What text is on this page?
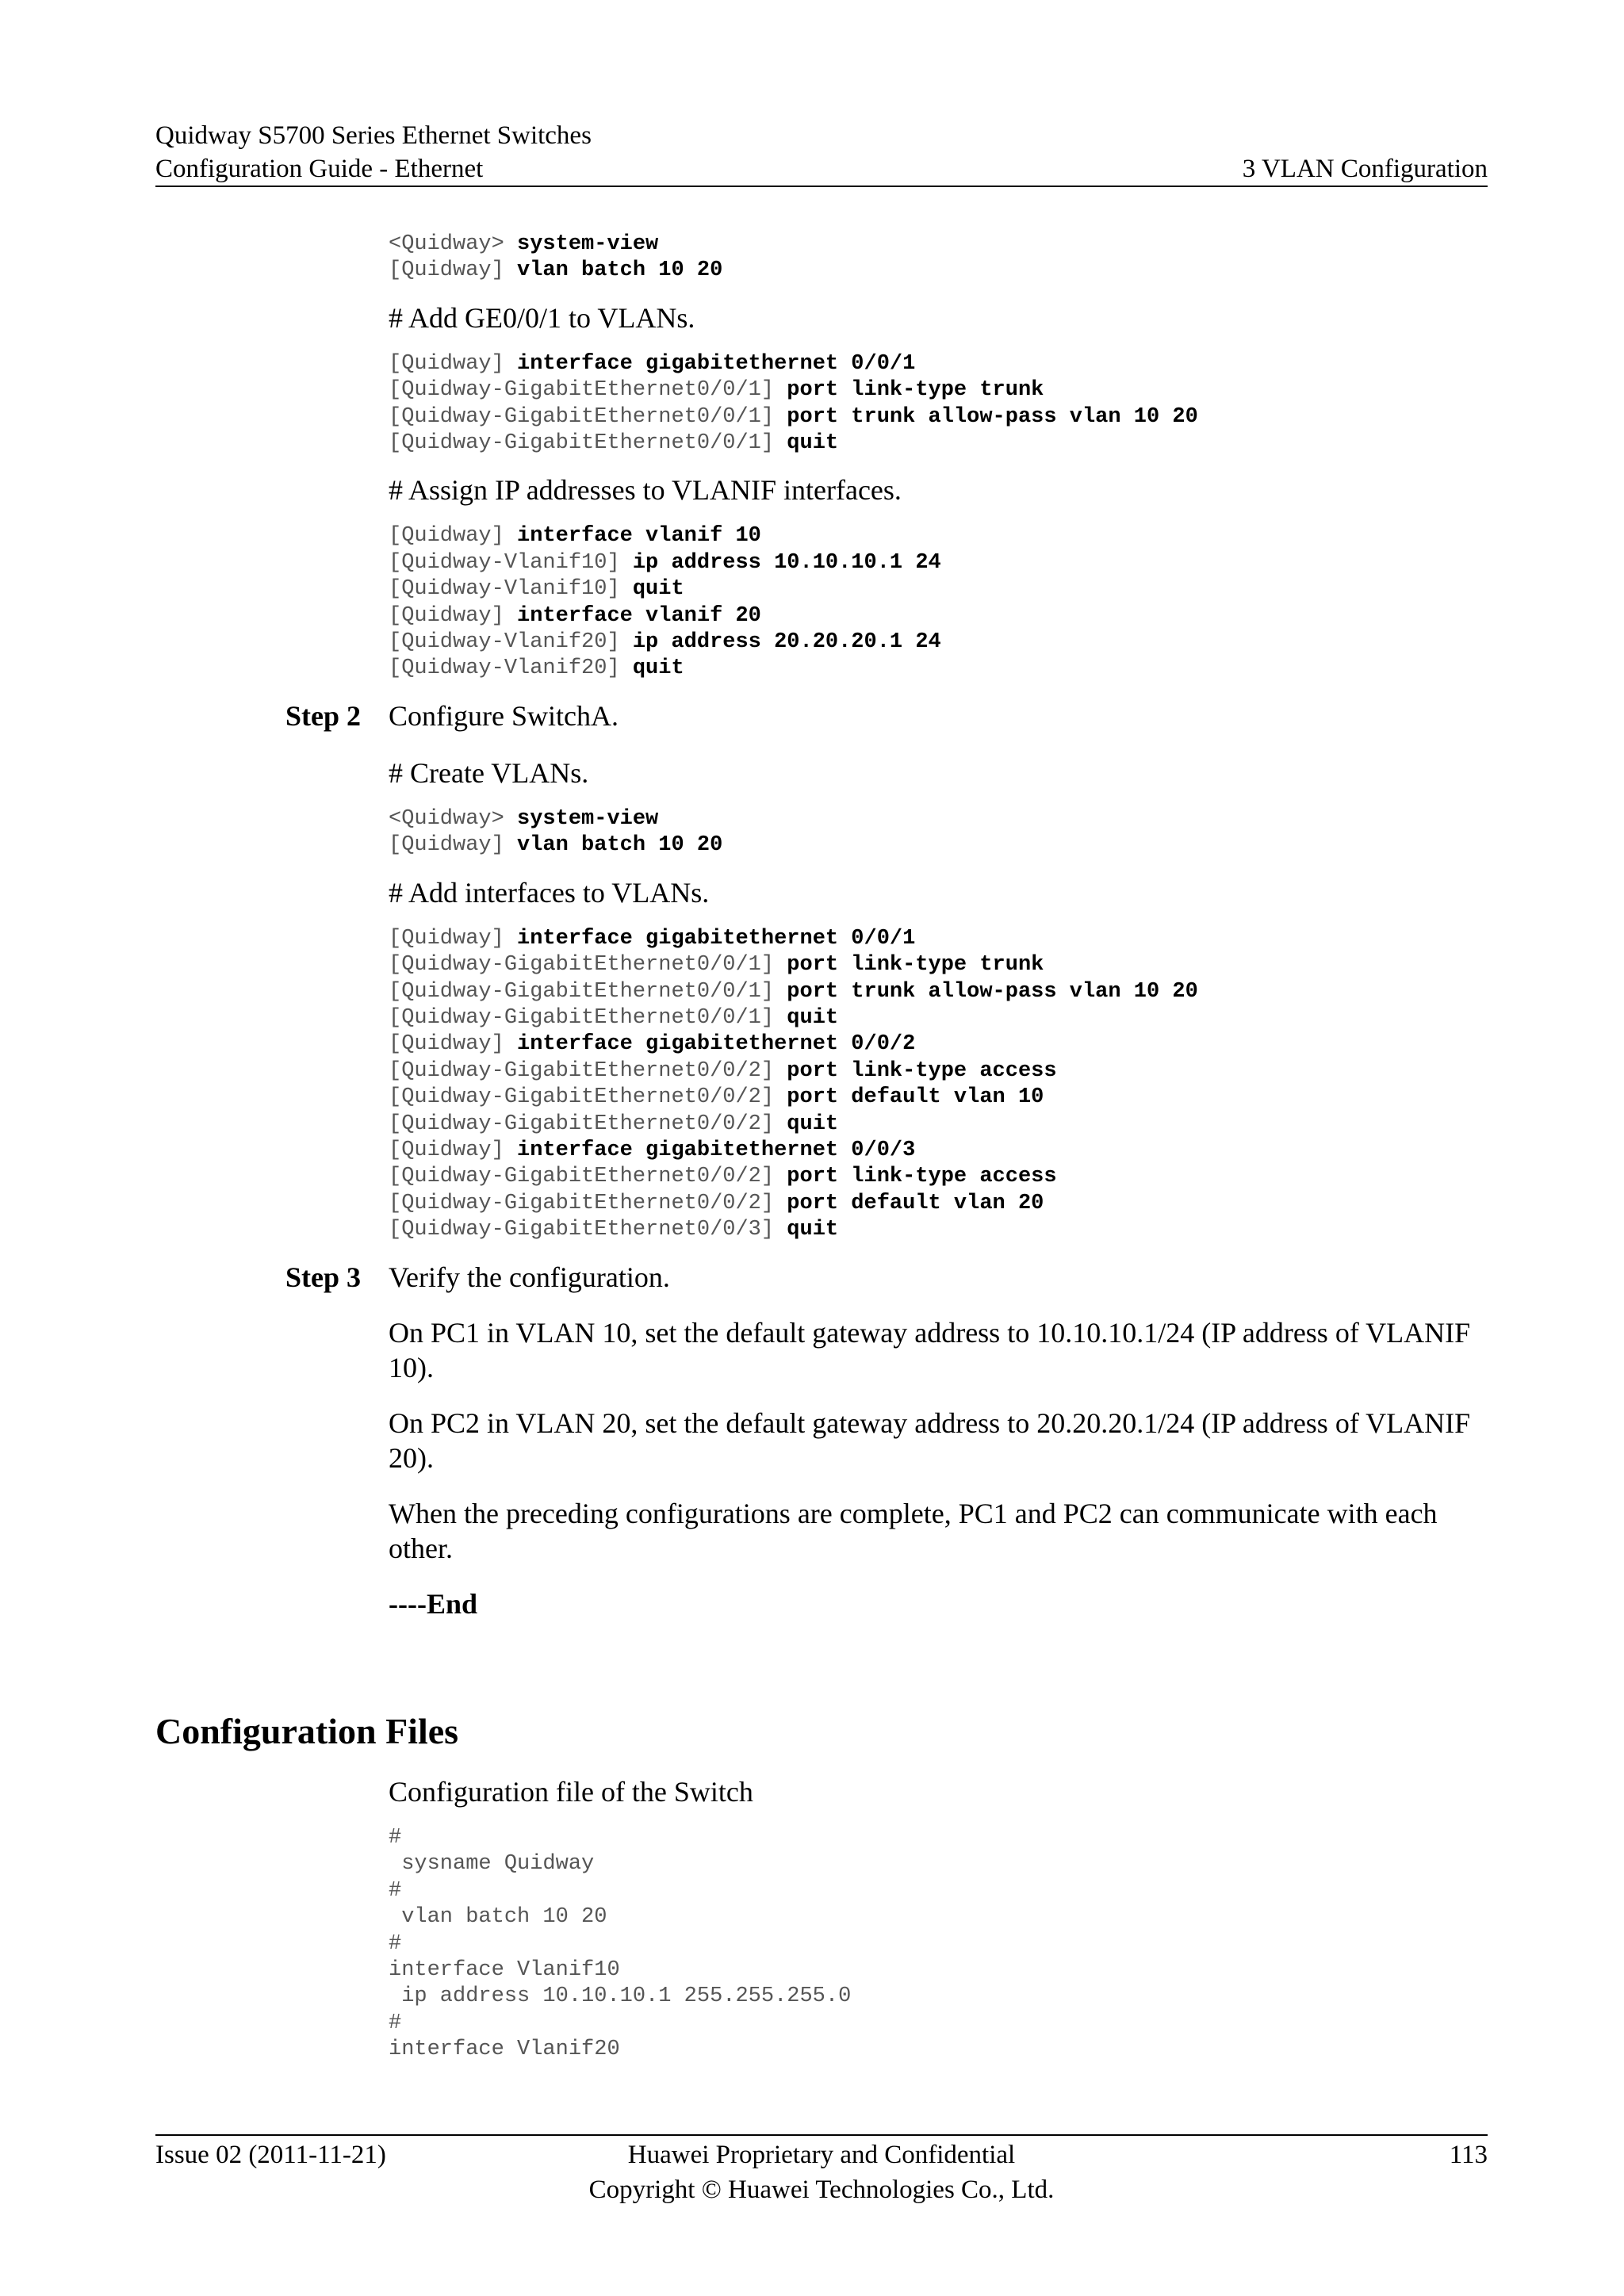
Quidway S5700 Series Ethernet Switches
Configuration Guide - Ethernet	3 VLAN Configuration
<Quidway> system-view
[Quidway] vlan batch 10 20

# Add GE0/0/1 to VLANs.

[Quidway] interface gigabitethernet 0/0/1
[Quidway-GigabitEthernet0/0/1] port link-type trunk
[Quidway-GigabitEthernet0/0/1] port trunk allow-pass vlan 10 20
[Quidway-GigabitEthernet0/0/1] quit

# Assign IP addresses to VLANIF interfaces.

[Quidway] interface vlanif 10
[Quidway-Vlanif10] ip address 10.10.10.1 24
[Quidway-Vlanif10] quit
[Quidway] interface vlanif 20
[Quidway-Vlanif20] ip address 20.20.20.1 24
[Quidway-Vlanif20] quit
Step 2 Configure SwitchA.

# Create VLANs.

<Quidway> system-view
[Quidway] vlan batch 10 20

# Add interfaces to VLANs.

[Quidway] interface gigabitethernet 0/0/1
[Quidway-GigabitEthernet0/0/1] port link-type trunk
[Quidway-GigabitEthernet0/0/1] port trunk allow-pass vlan 10 20
[Quidway-GigabitEthernet0/0/1] quit
[Quidway] interface gigabitethernet 0/0/2
[Quidway-GigabitEthernet0/0/2] port link-type access
[Quidway-GigabitEthernet0/0/2] port default vlan 10
[Quidway-GigabitEthernet0/0/2] quit
[Quidway] interface gigabitethernet 0/0/3
[Quidway-GigabitEthernet0/0/2] port link-type access
[Quidway-GigabitEthernet0/0/2] port default vlan 20
[Quidway-GigabitEthernet0/0/3] quit
Step 3 Verify the configuration.

On PC1 in VLAN 10, set the default gateway address to 10.10.10.1/24 (IP address of VLANIF 10).

On PC2 in VLAN 20, set the default gateway address to 20.20.20.1/24 (IP address of VLANIF 20).

When the preceding configurations are complete, PC1 and PC2 can communicate with each other.

----End

Configuration Files

Configuration file of the Switch

#
sysname Quidway
#
vlan batch 10 20
#
interface Vlanif10
ip address 10.10.10.1 255.255.255.0
#
interface Vlanif20
Issue 02 (2011-11-21)	Huawei Proprietary and Confidential
Copyright © Huawei Technologies Co., Ltd.
113
